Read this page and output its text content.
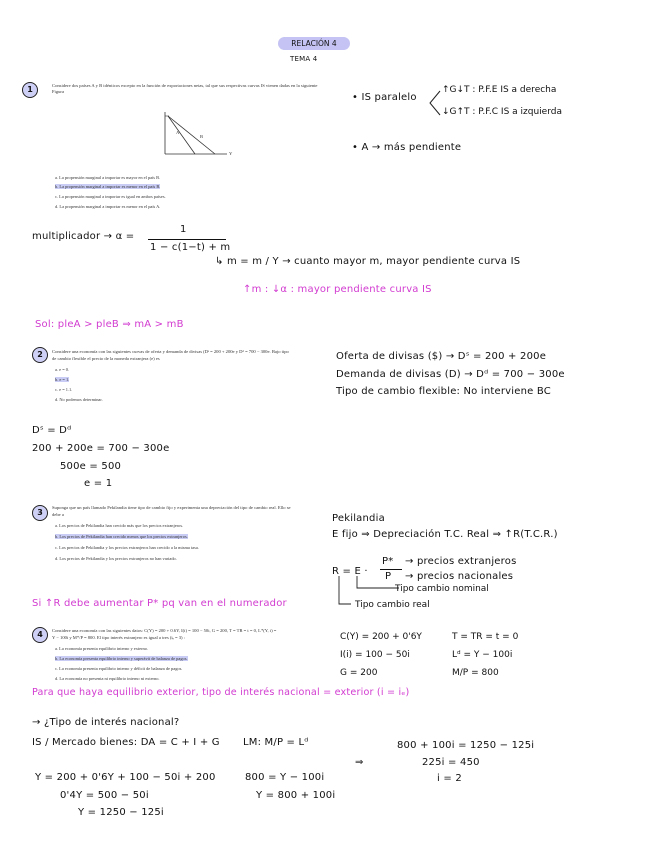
RELACIÓN 4
TEMA 4
1	Considere dos países A y B idénticos excepto en la función de exportaciones netas, tal que sus respectivas curvas IS vienen dadas en la siguiente Figura
A
B
Y
a. La propensión marginal a importar es mayor en el país B.
b. La propensión marginal a importar es menor en el país B.
c. La propensión marginal a importar es igual en ambos países.
d. La propensión marginal a importar es menor en el país A.
• IS paralelo
↑G↓T : P.F.E IS a derecha
↓G↑T : P.F.C IS a izquierda
• A → más pendiente
multiplicador → α =
1
1 − c(1−t) + m
↳ m = m / Y → cuanto mayor m, mayor pendiente curva IS
↑m : ↓α : mayor pendiente curva IS
Sol: pleA > pleB ⇒ mA > mB
2	Considere una economía con las siguientes curvas de oferta y demanda de divisas (Dˢ = 200 + 200e y Dᵈ = 700 − 300e. Bajo tipo
de cambio flexible el precio de la moneda extranjera (e) es
a. e = 0.
b. e = 1.
c. e = 1.1.
d. No podemos determinar.
Oferta de divisas ($) → Dˢ = 200 + 200e
Demanda de divisas (D) → Dᵈ = 700 − 300e
Tipo de cambio flexible: No interviene BC
Dˢ = Dᵈ
200 + 200e = 700 − 300e
500e = 500
e = 1
3
Suponga que un país llamado Pekilandia tiene tipo de cambio fijo y experimenta una depreciación del tipo de cambio real. Ello se
debe a
a. Los precios de Pekilandia han crecido más que los precios extranjeros.
b. Los precios de Pekilandia han crecido menos que los precios extranjeros.
c. Los precios de Pekilandia y los precios extranjeros han crecido a la misma tasa.
d. Los precios de Pekilandia y los precios extranjeros no han variado.
Pekilandia
E fijo ⇒ Depreciación T.C. Real ⇒ ↑R(T.C.R.)
R = E ·
P*
P
→ precios extranjeros
→ precios nacionales
Tipo cambio nominal
Tipo cambio real
Si ↑R debe aumentar P* pq van en el numerador
4	Considere una economía con las siguientes datos: C(Y) = 200 + 0.6Y, I(i) = 100 − 50i, G = 200, T = TR = t = 0, L*(Y, i) =
Y − 100i y M*/P = 800. El tipo interés extranjero es igual a tres (iₑ = 3) :
a. La economía presenta equilibrio interno y externo.
b. La economía presenta equilibrio interno y superávit de balanza de pagos.
c. La economía presenta equilibrio interno y déficit de balanza de pagos.
d. La economía no presenta ni equilibrio interno ni externo.
C(Y) = 200 + 0'6Y	T = TR = t = 0
I(i) = 100 − 50i	Lᵈ = Y − 100i
G = 200	M/P = 800
Para que haya equilibrio exterior, tipo de interés nacional = exterior (i = iₑ)
→ ¿Tipo de interés nacional?
IS / Mercado bienes: DA = C + I + G LM: M/P = Lᵈ
Y = 200 + 0'6Y + 100 − 50i + 200
0'4Y = 500 − 50i
Y = 1250 − 125i
800 = Y − 100i
Y = 800 + 100i
⇒
800 + 100i = 1250 − 125i
225i = 450
i = 2
